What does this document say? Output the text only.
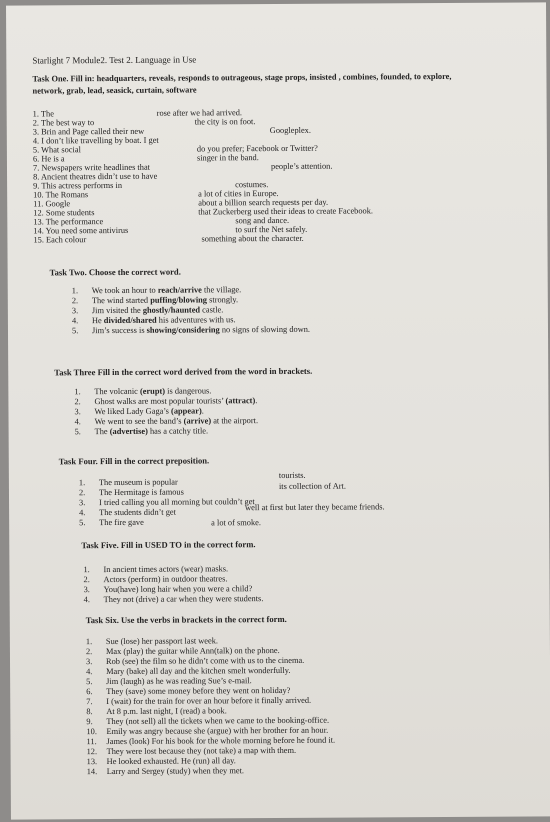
Starlight 7 Module2. Test 2. Language in Use
Task One. Fill in: headquarters, reveals, responds to outrageous, stage props, insisted , combines, founded, to explore,
network, grab, lead, seasick, curtain, software
1. The
2. The best way to
3. Brin and Page called their new
4. I don’t like travelling by boat. I get
5. What social
6. He is a
7. Newspapers write headlines that
8. Ancient theatres didn’t use to have
9. This actress performs in
10. The Romans
11. Google
12. Some students
13. The performance
14. You need some antivirus
15. Each colour
rose after we had arrived.
the city is on foot.
Googleplex.
do you prefer; Facebook or Twitter?
singer in the band.
people’s attention.
costumes.
a lot of cities in Europe.
about a billion search requests per day.
that Zuckerberg used their ideas to create Facebook.
song and dance.
to surf the Net safely.
something about the character.
Task Two. Choose the correct word.
1. We took an hour to reach/arrive the village.
2. The wind started puffing/blowing strongly.
3. Jim visited the ghostly/haunted castle.
4. He divided/shared his adventures with us.
5. Jim’s success is showing/considering no signs of slowing down.
Task Three Fill in the correct word derived from the word in brackets.
1. The volcanic (erupt) is dangerous.
2. Ghost walks are most popular tourists’ (attract).
3. We liked Lady Gaga’s (appear).
4. We went to see the band’s (arrive) at the airport.
5. The (advertise) has a catchy title.
Task Four. Fill in the correct preposition.
1. The museum is popular
2. The Hermitage is famous
3. I tried calling you all morning but couldn’t get
4. The students didn’t get
5. The fire gave
tourists.
its collection of Art.
well at first but later they became friends.
a lot of smoke.
Task Five. Fill in USED TO in the correct form.
1. In ancient times actors (wear) masks.
2. Actors (perform) in outdoor theatres.
3. You(have) long hair when you were a child?
4. They not (drive) a car when they were students.
Task Six. Use the verbs in brackets in the correct form.
1. Sue (lose) her passport last week.
2. Max (play) the guitar while Ann(talk) on the phone.
3. Rob (see) the film so he didn’t come with us to the cinema.
4. Mary (bake) all day and the kitchen smelt wonderfully.
5. Jim (laugh) as he was reading Sue’s e-mail.
6. They (save) some money before they went on holiday?
7. I (wait) for the train for over an hour before it finally arrived.
8. At 8 p.m. last night, I (read) a book.
9. They (not sell) all the tickets when we came to the booking-office.
10. Emily was angry because she (argue) with her brother for an hour.
11. James (look) For his book for the whole morning before he found it.
12. They were lost because they (not take) a map with them.
13. He looked exhausted. He (run) all day.
14. Larry and Sergey (study) when they met.
